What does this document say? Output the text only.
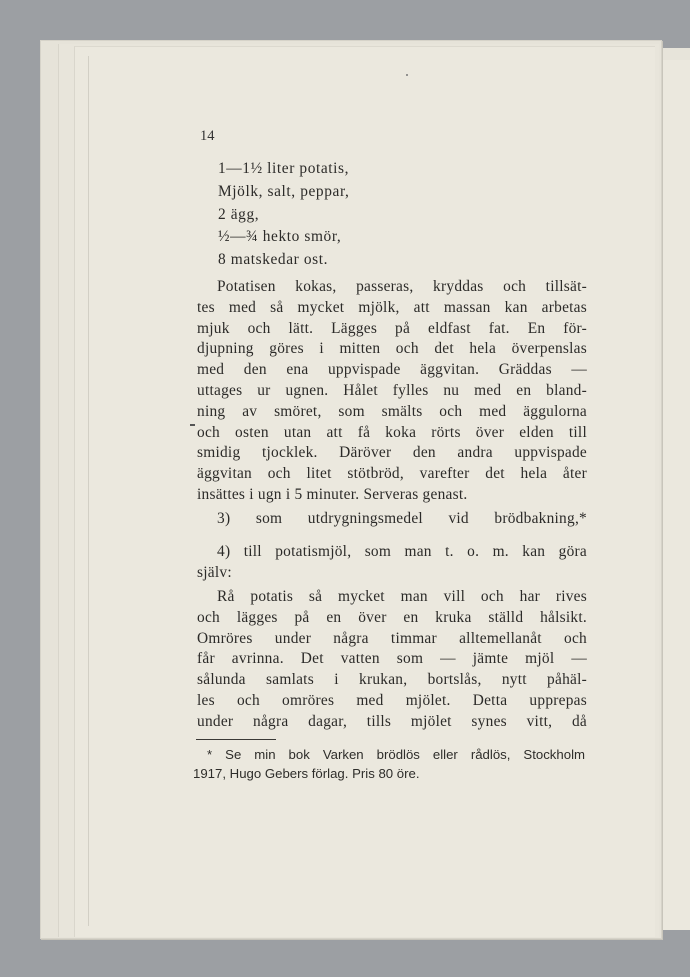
14
1—1½ liter potatis,
Mjölk, salt, peppar,
2 ägg,
½—¾ hekto smör,
8 matskedar ost.
Potatisen kokas, passeras, kryddas och tillsät-
tes med så mycket mjölk, att massan kan arbetas
mjuk och lätt. Lägges på eldfast fat. En för-
djupning göres i mitten och det hela överpenslas
med den ena uppvispade äggvitan. Gräddas —
uttages ur ugnen. Hålet fylles nu med en bland-
ning av smöret, som smälts och med äggulorna
och osten utan att få koka rörts över elden till
smidig tjocklek. Däröver den andra uppvispade
äggvitan och litet stötbröd, varefter det hela åter
insättes i ugn i 5 minuter. Serveras genast.
3) som utdrygningsmedel vid brödbakning,*
4) till potatismjöl, som man t. o. m. kan göra
själv:
Rå potatis så mycket man vill och har rives
och lägges på en över en kruka ställd hålsikt.
Omröres under några timmar alltemellanåt och
får avrinna. Det vatten som — jämte mjöl —
sålunda samlats i krukan, bortslås, nytt påhäl-
les och omröres med mjölet. Detta upprepas
under några dagar, tills mjölet synes vitt, då
* Se min bok Varken brödlös eller rådlös, Stockholm
1917, Hugo Gebers förlag. Pris 80 öre.
